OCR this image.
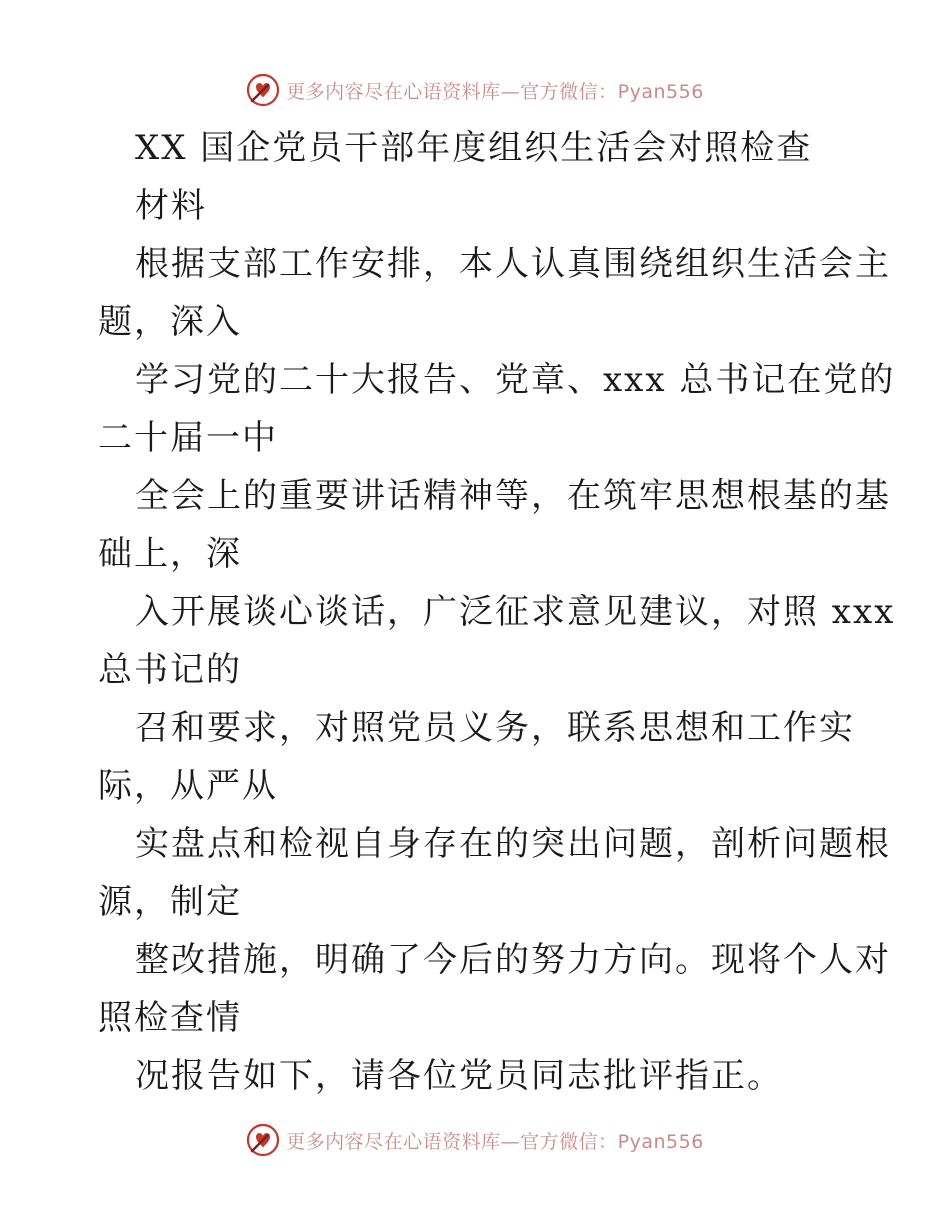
更多内容尽在心语资料库—官方微信：Pyan556
XX 国企党员干部年度组织生活会对照检查
材料
根据支部工作安排，本人认真围绕组织生活会主
题，深入
学习党的二十大报告、党章、xxx 总书记在党的
二十届一中
全会上的重要讲话精神等，在筑牢思想根基的基
础上，深
入开展谈心谈话，广泛征求意见建议，对照 xxx
总书记的
召和要求，对照党员义务，联系思想和工作实
际，从严从
实盘点和检视自身存在的突出问题，剖析问题根
源，制定
整改措施，明确了今后的努力方向。现将个人对
照检查情
况报告如下，请各位党员同志批评指正。
更多内容尽在心语资料库—官方微信：Pyan556
